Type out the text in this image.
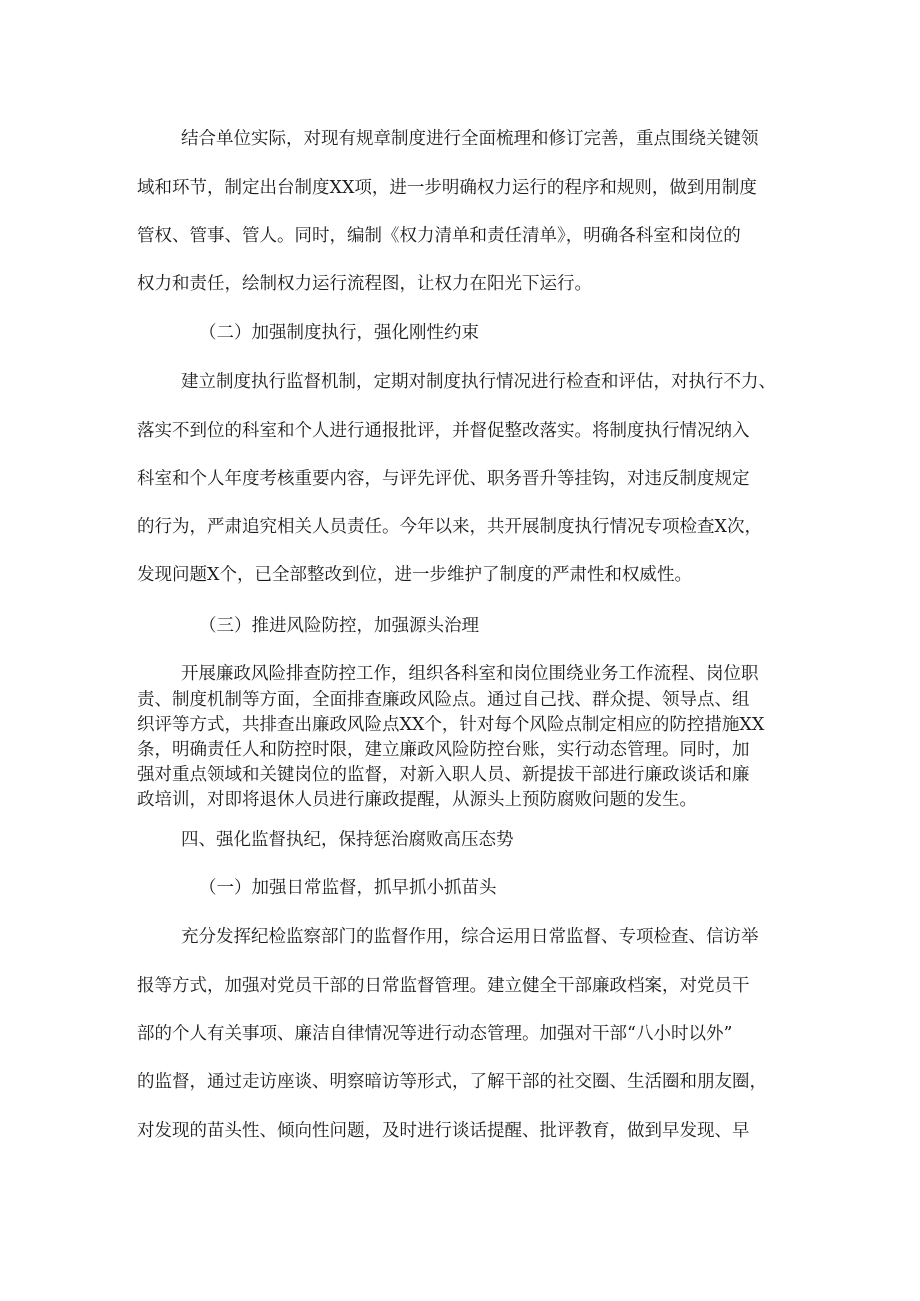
结合单位实际，对现有规章制度进行全面梳理和修订完善，重点围绕关键领

域和环节，制定出台制度XX项，进一步明确权力运行的程序和规则，做到用制度

管权、管事、管人。同时，编制《权力清单和责任清单》，明确各科室和岗位的

权力和责任，绘制权力运行流程图，让权力在阳光下运行。

（二）加强制度执行，强化刚性约束

建立制度执行监督机制，定期对制度执行情况进行检查和评估，对执行不力、

落实不到位的科室和个人进行通报批评，并督促整改落实。将制度执行情况纳入

科室和个人年度考核重要内容，与评先评优、职务晋升等挂钩，对违反制度规定

的行为，严肃追究相关人员责任。今年以来，共开展制度执行情况专项检查X次，

发现问题X个，已全部整改到位，进一步维护了制度的严肃性和权威性。

（三）推进风险防控，加强源头治理

开展廉政风险排查防控工作，组织各科室和岗位围绕业务工作流程、岗位职

责、制度机制等方面，全面排查廉政风险点。通过自己找、群众提、领导点、组

织评等方式，共排查出廉政风险点XX个，针对每个风险点制定相应的防控措施XX

条，明确责任人和防控时限，建立廉政风险防控台账，实行动态管理。同时，加

强对重点领域和关键岗位的监督，对新入职人员、新提拔干部进行廉政谈话和廉

政培训，对即将退休人员进行廉政提醒，从源头上预防腐败问题的发生。

四、强化监督执纪，保持惩治腐败高压态势

（一）加强日常监督，抓早抓小抓苗头

充分发挥纪检监察部门的监督作用，综合运用日常监督、专项检查、信访举

报等方式，加强对党员干部的日常监督管理。建立健全干部廉政档案，对党员干

部的个人有关事项、廉洁自律情况等进行动态管理。加强对干部“八小时以外”

的监督，通过走访座谈、明察暗访等形式，了解干部的社交圈、生活圈和朋友圈，

对发现的苗头性、倾向性问题，及时进行谈话提醒、批评教育，做到早发现、早
